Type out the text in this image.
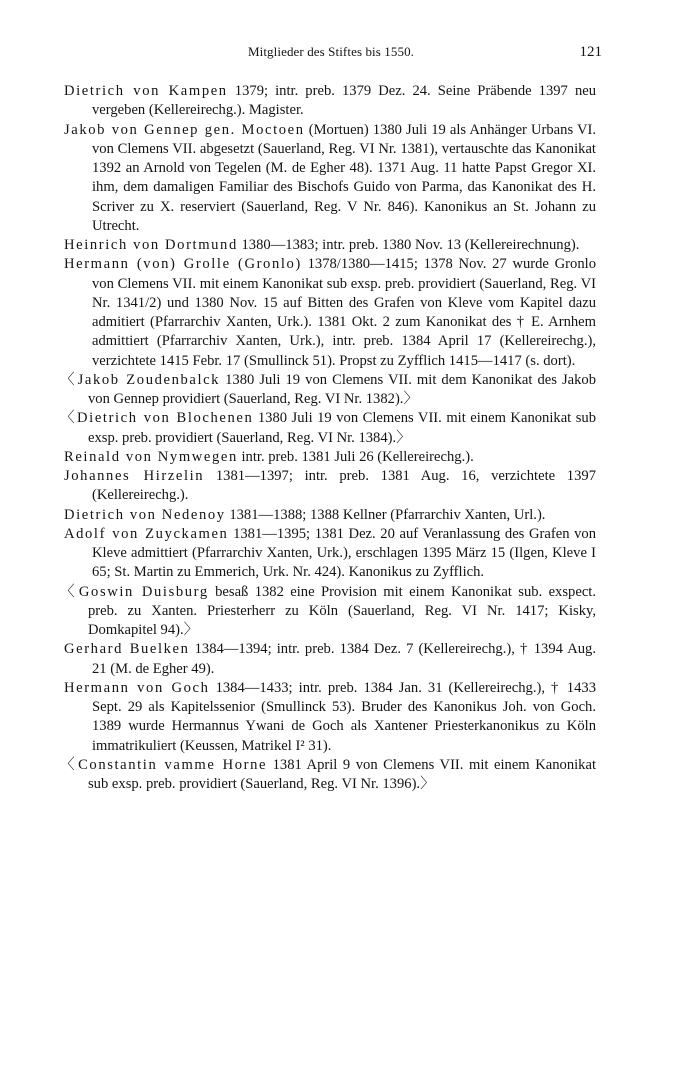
Mitglieder des Stiftes bis 1550.	121

Dietrich von Kampen 1379; intr. preb. 1379 Dez. 24. Seine Präbende 1397 neu vergeben (Kellereirechg.). Magister.

Jakob von Gennep gen. Moctoen (Mortuen) 1380 Juli 19 als Anhänger Urbans VI. von Clemens VII. abgesetzt (Sauerland, Reg. VI Nr. 1381), vertauschte das Kanonikat 1392 an Arnold von Tegelen (M. de Egher 48). 1371 Aug. 11 hatte Papst Gregor XI. ihm, dem damaligen Familiar des Bischofs Guido von Parma, das Kanonikat des H. Scriver zu X. reserviert (Sauerland, Reg. V Nr. 846). Kanonikus an St. Johann zu Utrecht.

Heinrich von Dortmund 1380—1383; intr. preb. 1380 Nov. 13 (Kellereirechnung).

Hermann (von) Grolle (Gronlo) 1378/1380—1415; 1378 Nov. 27 wurde Gronlo von Clemens VII. mit einem Kanonikat sub exsp. preb. providiert (Sauerland, Reg. VI Nr. 1341/2) und 1380 Nov. 15 auf Bitten des Grafen von Kleve vom Kapitel dazu admitiert (Pfarrarchiv Xanten, Urk.). 1381 Okt. 2 zum Kanonikat des † E. Arnhem admittiert (Pfarrarchiv Xanten, Urk.), intr. preb. 1384 April 17 (Kellereirechg.), verzichtete 1415 Febr. 17 (Smullinck 51). Propst zu Zyfflich 1415—1417 (s. dort).

〈Jakob Zoudenbalck 1380 Juli 19 von Clemens VII. mit dem Kanonikat des Jakob von Gennep providiert (Sauerland, Reg. VI Nr. 1382).〉

〈Dietrich von Blochenen 1380 Juli 19 von Clemens VII. mit einem Kanonikat sub exsp. preb. providiert (Sauerland, Reg. VI Nr. 1384).〉

Reinald von Nymwegen intr. preb. 1381 Juli 26 (Kellereirechg.).

Johannes Hirzelin 1381—1397; intr. preb. 1381 Aug. 16, verzichtete 1397 (Kellereirechg.).

Dietrich von Nedenoy 1381—1388; 1388 Kellner (Pfarrarchiv Xanten, Url.).

Adolf von Zuyckamen 1381—1395; 1381 Dez. 20 auf Veranlassung des Grafen von Kleve admittiert (Pfarrarchiv Xanten, Urk.), erschlagen 1395 März 15 (Ilgen, Kleve I 65; St. Martin zu Emmerich, Urk. Nr. 424). Kanonikus zu Zyfflich.

〈Goswin Duisburg besaß 1382 eine Provision mit einem Kanonikat sub. exspect. preb. zu Xanten. Priesterherr zu Köln (Sauerland, Reg. VI Nr. 1417; Kisky, Domkapitel 94).〉

Gerhard Buelken 1384—1394; intr. preb. 1384 Dez. 7 (Kellereirechg.), † 1394 Aug. 21 (M. de Egher 49).

Hermann von Goch 1384—1433; intr. preb. 1384 Jan. 31 (Kellereirechg.), † 1433 Sept. 29 als Kapitelssenior (Smullinck 53). Bruder des Kanonikus Joh. von Goch. 1389 wurde Hermannus Ywani de Goch als Xantener Priesterkanonikus zu Köln immatrikuliert (Keussen, Matrikel I² 31).

〈Constantin vamme Horne 1381 April 9 von Clemens VII. mit einem Kanonikat sub exsp. preb. providiert (Sauerland, Reg. VI Nr. 1396).〉
